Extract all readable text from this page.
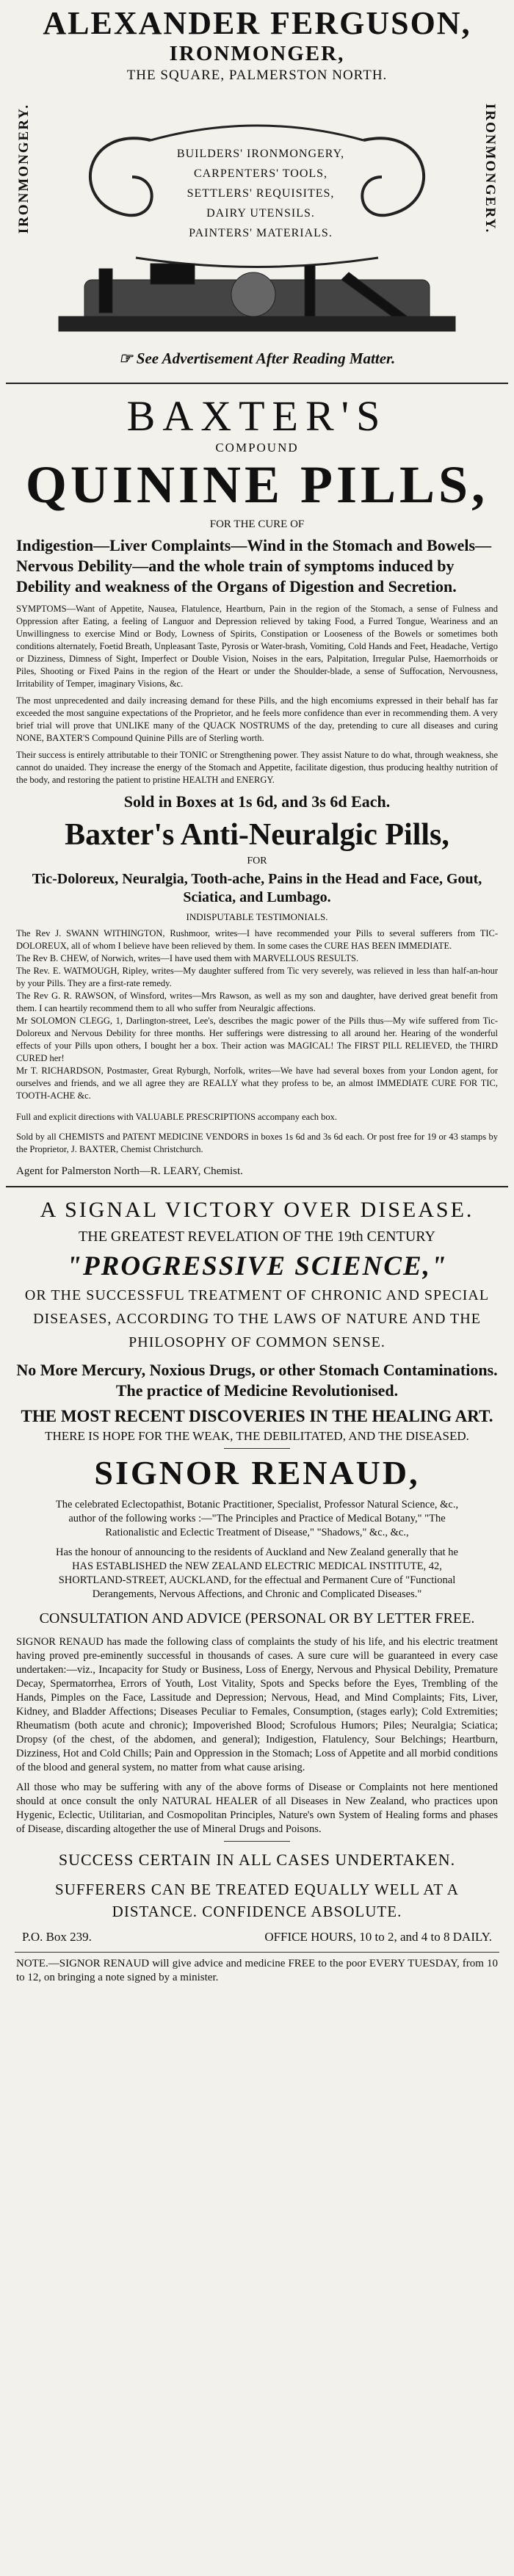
ALEXANDER FERGUSON,
IRONMONGER,
THE SQUARE, PALMERSTON NORTH.
IRONMONGERY.	IRONMONGERY.
BUILDERS' IRONMONGERY,
CARPENTERS' TOOLS,
SETTLERS' REQUISITES,
DAIRY UTENSILS.
PAINTERS' MATERIALS.
☞ See Advertisement After Reading Matter.
BAXTER'S
COMPOUND
QUININE PILLS,
FOR THE CURE OF

Indigestion—Liver Complaints—Wind in the Stomach and Bowels—Nervous Debility—and the whole train of symptoms induced by Debility and weakness of the Organs of Digestion and Secretion.

SYMPTOMS—Want of Appetite, Nausea, Flatulence, Heartburn, Pain in the region of the Stomach, a sense of Fulness and Oppression after Eating, a feeling of Languor and Depression relieved by taking Food, a Furred Tongue, Weariness and an Unwillingness to exercise Mind or Body, Lowness of Spirits, Constipation or Looseness of the Bowels or sometimes both conditions alternately, Foetid Breath, Unpleasant Taste, Pyrosis or Water-brash, Vomiting, Cold Hands and Feet, Headache, Vertigo or Dizziness, Dimness of Sight, Imperfect or Double Vision, Noises in the ears, Palpitation, Irregular Pulse, Haemorrhoids or Piles, Shooting or Fixed Pains in the region of the Heart or under the Shoulder-blade, a sense of Suffocation, Nervousness, Irritability of Temper, imaginary Visions, &c.

The most unprecedented and daily increasing demand for these Pills, and the high encomiums expressed in their behalf has far exceeded the most sanguine expectations of the Proprietor, and he feels more confidence than ever in recommending them. A very brief trial will prove that UNLIKE many of the QUACK NOSTRUMS of the day, pretending to cure all diseases and curing NONE, BAXTER'S Compound Quinine Pills are of Sterling worth.

Their success is entirely attributable to their TONIC or Strengthening power. They assist Nature to do what, through weakness, she cannot do unaided. They increase the energy of the Stomach and Appetite, facilitate digestion, thus producing healthy nutrition of the body, and restoring the patient to pristine HEALTH and ENERGY.

Sold in Boxes at 1s 6d, and 3s 6d Each.
Baxter's Anti-Neuralgic Pills,
FOR

Tic-Doloreux, Neuralgia, Tooth-ache, Pains in the Head and Face, Gout, Sciatica, and Lumbago.

INDISPUTABLE TESTIMONIALS.

The Rev J. SWANN WITHINGTON, Rushmoor, writes—I have recommended your Pills to several sufferers from TIC-DOLOREUX, all of whom I believe have been relieved by them. In some cases the CURE HAS BEEN IMMEDIATE.

The Rev B. CHEW, of Norwich, writes—I have used them with MARVELLOUS RESULTS.

The Rev. E. WATMOUGH, Ripley, writes—My daughter suffered from Tic very severely, was relieved in less than half-an-hour by your Pills. They are a first-rate remedy.

The Rev G. R. RAWSON, of Winsford, writes—Mrs Rawson, as well as my son and daughter, have derived great benefit from them. I can heartily recommend them to all who suffer from Neuralgic affections.

Mr SOLOMON CLEGG, 1, Darlington-street, Lee's, describes the magic power of the Pills thus—My wife suffered from Tic-Doloreux and Nervous Debility for three months. Her sufferings were distressing to all around her. Hearing of the wonderful effects of your Pills upon others, I bought her a box. Their action was MAGICAL! The FIRST PILL RELIEVED, the THIRD CURED her!

Mr T. RICHARDSON, Postmaster, Great Ryburgh, Norfolk, writes—We have had several boxes from your London agent, for ourselves and friends, and we all agree they are REALLY what they profess to be, an almost IMMEDIATE CURE FOR TIC, TOOTH-ACHE &c.

Full and explicit directions with VALUABLE PRESCRIPTIONS accompany each box.

Sold by all CHEMISTS and PATENT MEDICINE VENDORS in boxes 1s 6d and 3s 6d each. Or post free for 19 or 43 stamps by the Proprietor, J. BAXTER, Chemist Christchurch.

Agent for Palmerston North—R. LEARY, Chemist.

A SIGNAL VICTORY OVER DISEASE.
THE GREATEST REVELATION OF THE 19th CENTURY
"PROGRESSIVE SCIENCE,"
OR THE SUCCESSFUL TREATMENT OF CHRONIC AND SPECIAL DISEASES, ACCORDING TO THE LAWS OF NATURE AND THE PHILOSOPHY OF COMMON SENSE.
No More Mercury, Noxious Drugs, or other Stomach Contaminations. The practice of Medicine Revolutionised.
THE MOST RECENT DISCOVERIES IN THE HEALING ART.
THERE IS HOPE FOR THE WEAK, THE DEBILITATED, AND THE DISEASED.
SIGNOR RENAUD,

The celebrated Eclectopathist, Botanic Practitioner, Specialist, Professor Natural Science, &c., author of the following works :—"The Principles and Practice of Medical Botany," "The Rationalistic and Eclectic Treatment of Disease," "Shadows," &c., &c.,

Has the honour of announcing to the residents of Auckland and New Zealand generally that he HAS ESTABLISHED the NEW ZEALAND ELECTRIC MEDICAL INSTITUTE, 42, SHORTLAND-STREET, AUCKLAND, for the effectual and Permanent Cure of "Functional Derangements, Nervous Affections, and Chronic and Complicated Diseases."

CONSULTATION AND ADVICE (PERSONAL OR BY LETTER FREE.

SIGNOR RENAUD has made the following class of complaints the study of his life, and his electric treatment having proved pre-eminently successful in thousands of cases. A sure cure will be guaranteed in every case undertaken:—viz., Incapacity for Study or Business, Loss of Energy, Nervous and Physical Debility, Premature Decay, Spermatorrhea, Errors of Youth, Lost Vitality, Spots and Specks before the Eyes, Trembling of the Hands, Pimples on the Face, Lassitude and Depression; Nervous, Head, and Mind Complaints; Fits, Liver, Kidney, and Bladder Affections; Diseases Peculiar to Females, Consumption, (stages early); Cold Extremities; Rheumatism (both acute and chronic); Impoverished Blood; Scrofulous Humors; Piles; Neuralgia; Sciatica; Dropsy (of the chest, of the abdomen, and general); Indigestion, Flatulency, Sour Belchings; Heartburn, Dizziness, Hot and Cold Chills; Pain and Oppression in the Stomach; Loss of Appetite and all morbid conditions of the blood and general system, no matter from what cause arising.

All those who may be suffering with any of the above forms of Disease or Complaints not here mentioned should at once consult the only NATURAL HEALER of all Diseases in New Zealand, who practices upon Hygenic, Eclectic, Utilitarian, and Cosmopolitan Principles, Nature's own System of Healing forms and phases of Disease, discarding altogether the use of Mineral Drugs and Poisons.

SUCCESS CERTAIN IN ALL CASES UNDERTAKEN.
SUFFERERS CAN BE TREATED EQUALLY WELL AT A DISTANCE. CONFIDENCE ABSOLUTE.
P.O. Box 239.	OFFICE HOURS, 10 to 2, and 4 to 8 DAILY.

NOTE.—SIGNOR RENAUD will give advice and medicine FREE to the poor EVERY TUESDAY, from 10 to 12, on bringing a note signed by a minister.
